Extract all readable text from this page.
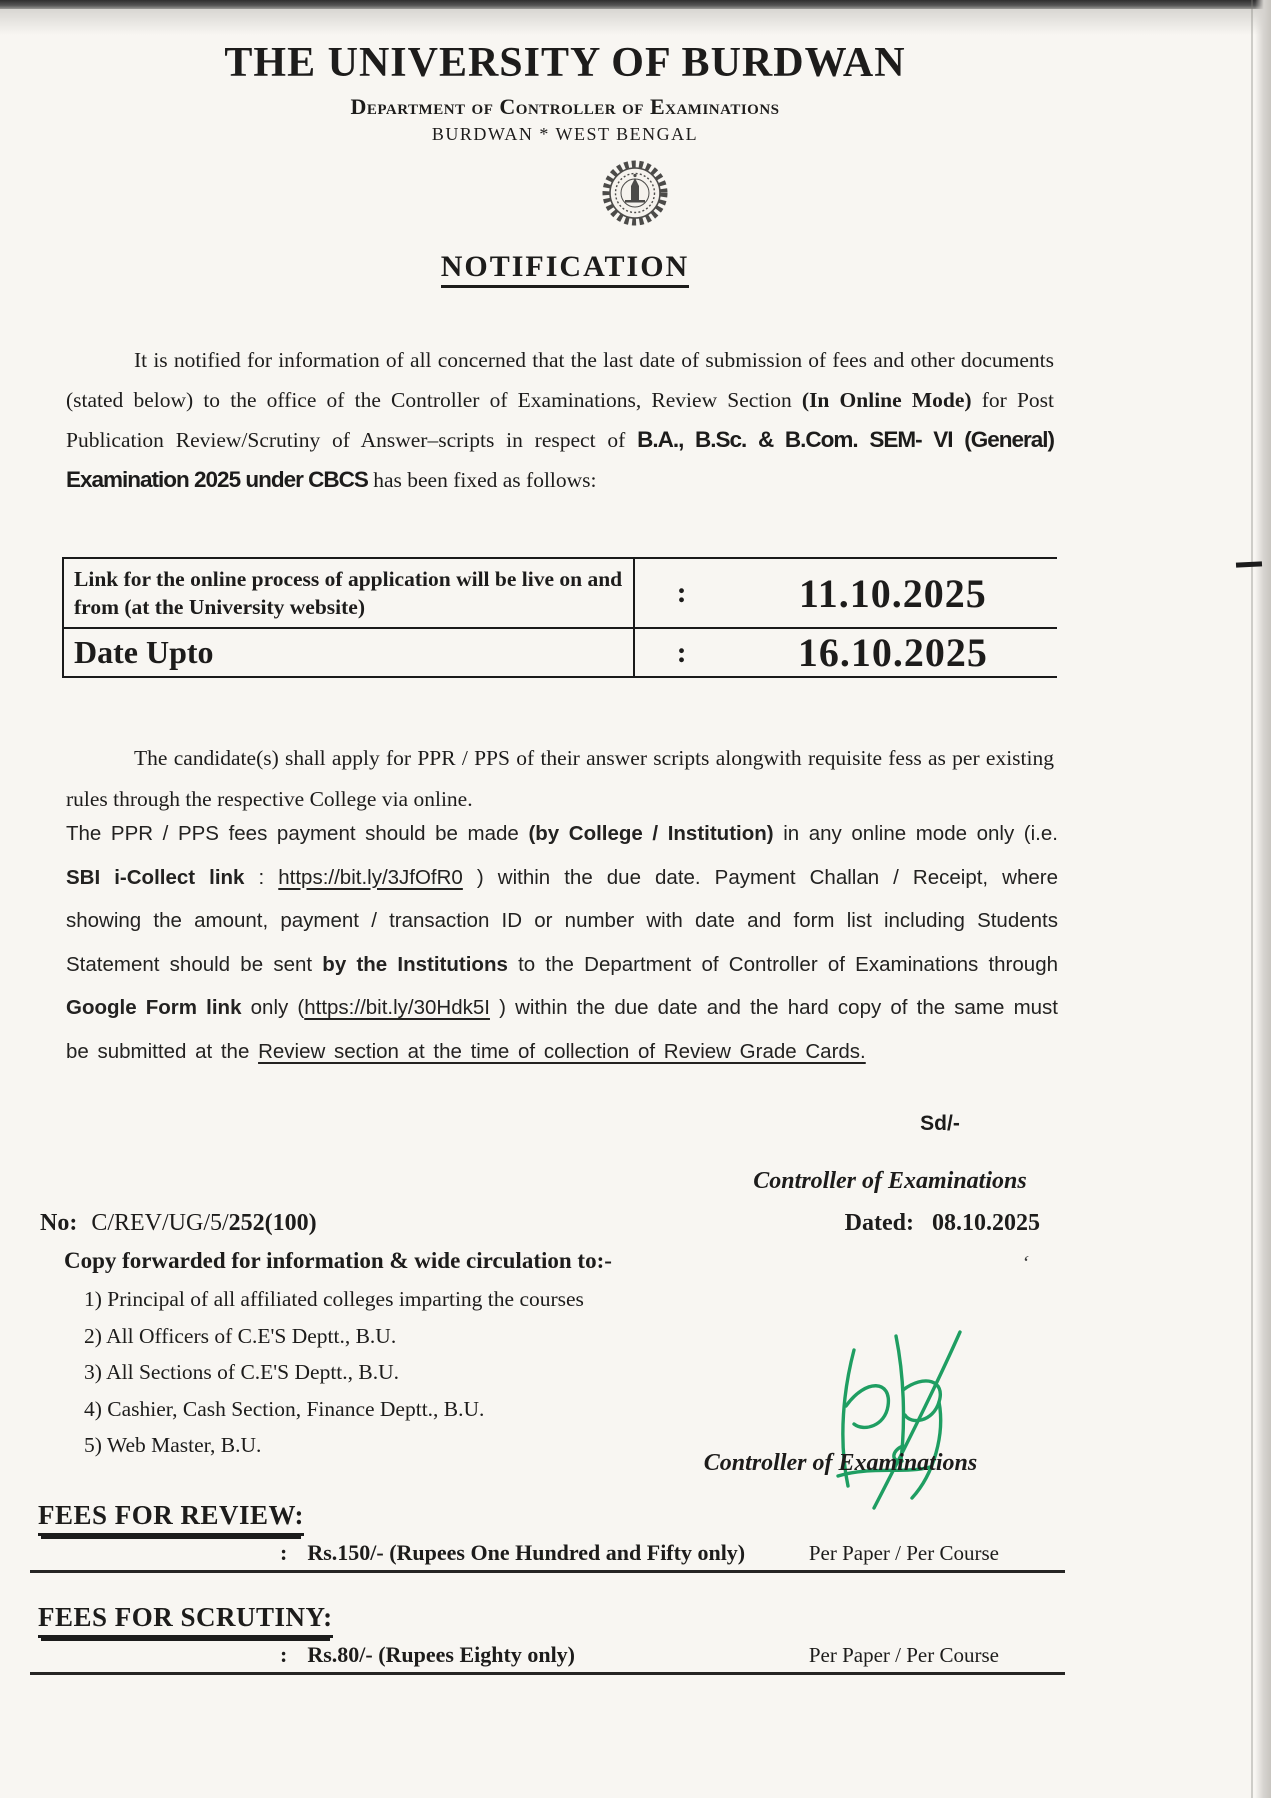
‘
THE UNIVERSITY OF BURDWAN
Department of Controller of Examinations
BURDWAN * WEST BENGAL
NOTIFICATION
It is notified for information of all concerned that the last date of submission of fees and other documents (stated below) to the office of the Controller of Examinations, Review Section (In Online Mode) for Post Publication Review/Scrutiny of Answer–scripts in respect of B.A., B.Sc. & B.Com. SEM- VI (General) Examination 2025 under CBCS has been fixed as follows:
Link for the online process of application will be live on and from (at the University website)	:	11.10.2025
Date Upto	:	16.10.2025
The candidate(s) shall apply for PPR / PPS of their answer scripts alongwith requisite fess as per existing rules through the respective College via online.
The PPR / PPS fees payment should be made (by College / Institution) in any online mode only (i.e. SBI i-Collect link : https://bit.ly/3JfOfR0 ) within the due date. Payment Challan / Receipt, where showing the amount, payment / transaction ID or number with date and form list including Students Statement should be sent by the Institutions to the Department of Controller of Examinations through Google Form link only (https://bit.ly/30Hdk5I ) within the due date and the hard copy of the same must be submitted at the Review section at the time of collection of Review Grade Cards.
Sd/-
Controller of Examinations
No: C/REV/UG/5/252(100)	Dated: 08.10.2025
Copy forwarded for information & wide circulation to:-
1) Principal of all affiliated colleges imparting the courses
2) All Officers of C.E'S Deptt., B.U.
3) All Sections of C.E'S Deptt., B.U.
4) Cashier, Cash Section, Finance Deptt., B.U.
5) Web Master, B.U.
Controller of Examinations
FEES FOR REVIEW:
: Rs.150/- (Rupees One Hundred and Fifty only)	Per Paper / Per Course
FEES FOR SCRUTINY:
: Rs.80/- (Rupees Eighty only)	Per Paper / Per Course
